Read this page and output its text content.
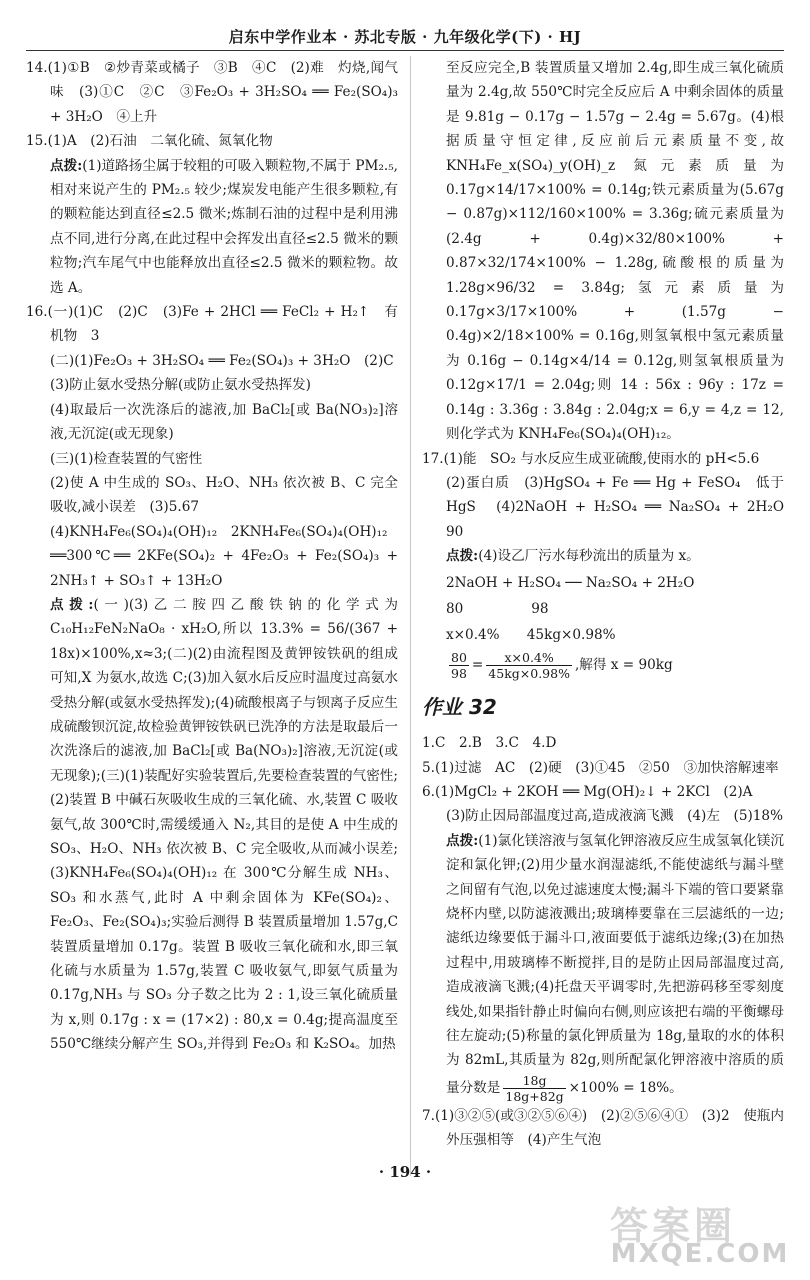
启东中学作业本 · 苏北专版 · 九年级化学(下) · HJ

14.(1)①B　②炒青菜或橘子　③B　④C　(2)难　灼烧,闻气味　(3)①C　②C　③Fe₂O₃ + 3H₂SO₄ ══ Fe₂(SO₄)₃ + 3H₂O　④上升

15.(1)A　(2)石油　二氧化硫、氮氧化物

点拨:(1)道路扬尘属于较粗的可吸入颗粒物,不属于 PM₂.₅,相对来说产生的 PM₂.₅ 较少;煤炭发电能产生很多颗粒,有的颗粒能达到直径≤2.5 微米;炼制石油的过程中是利用沸点不同,进行分离,在此过程中会挥发出直径≤2.5 微米的颗粒物;汽车尾气中也能释放出直径≤2.5 微米的颗粒物。故选 A。

16.(一)(1)C　(2)C　(3)Fe + 2HCl ══ FeCl₂ + H₂↑　有机物　3

(二)(1)Fe₂O₃ + 3H₂SO₄ ══ Fe₂(SO₄)₃ + 3H₂O　(2)C

(3)防止氨水受热分解(或防止氨水受热挥发)

(4)取最后一次洗涤后的滤液,加 BaCl₂[或 Ba(NO₃)₂]溶液,无沉淀(或无现象)

(三)(1)检查装置的气密性

(2)使 A 中生成的 SO₃、H₂O、NH₃ 依次被 B、C 完全吸收,减小误差　(3)5.67

(4)KNH₄Fe₆(SO₄)₄(OH)₁₂　2KNH₄Fe₆(SO₄)₄(OH)₁₂

══300℃══ 2KFe(SO₄)₂ + 4Fe₂O₃ + Fe₂(SO₄)₃ + 2NH₃↑ + SO₃↑ + 13H₂O

点拨:(一)(3)乙二胺四乙酸铁钠的化学式为 C₁₀H₁₂FeN₂NaO₈ · xH₂O,所以 13.3% = 56/(367 + 18x)×100%,x≈3;(二)(2)由流程图及黄钾铵铁矾的组成可知,X 为氨水,故选 C;(3)加入氨水后反应时温度过高氨水受热分解(或氨水受热挥发);(4)硫酸根离子与钡离子反应生成硫酸钡沉淀,故检验黄钾铵铁矾已洗净的方法是取最后一次洗涤后的滤液,加 BaCl₂[或 Ba(NO₃)₂]溶液,无沉淀(或无现象);(三)(1)装配好实验装置后,先要检查装置的气密性;(2)装置 B 中碱石灰吸收生成的三氧化硫、水,装置 C 吸收氨气,故 300℃时,需缓缓通入 N₂,其目的是使 A 中生成的 SO₃、H₂O、NH₃ 依次被 B、C 完全吸收,从而减小误差;(3)KNH₄Fe₆(SO₄)₄(OH)₁₂ 在 300℃分解生成 NH₃、SO₃ 和水蒸气,此时 A 中剩余固体为 KFe(SO₄)₂、Fe₂O₃、Fe₂(SO₄)₃;实验后测得 B 装置质量增加 1.57g,C 装置质量增加 0.17g。装置 B 吸收三氧化硫和水,即三氧化硫与水质量为 1.57g,装置 C 吸收氨气,即氨气质量为 0.17g,NH₃ 与 SO₃ 分子数之比为 2 : 1,设三氧化硫质量为 x,则 0.17g : x = (17×2) : 80,x = 0.4g;提高温度至 550℃继续分解产生 SO₃,并得到 Fe₂O₃ 和 K₂SO₄。加热

至反应完全,B 装置质量又增加 2.4g,即生成三氧化硫质量为 2.4g,故 550℃时完全反应后 A 中剩余固体的质量是 9.81g − 0.17g − 1.57g − 2.4g = 5.67g。(4)根据质量守恒定律,反应前后元素质量不变,故 KNH₄Fe_x(SO₄)_y(OH)_z 氮元素质量为 0.17g×14/17×100% = 0.14g;铁元素质量为(5.67g − 0.87g)×112/160×100% = 3.36g;硫元素质量为(2.4g + 0.4g)×32/80×100% + 0.87×32/174×100% − 1.28g,硫酸根的质量为 1.28g×96/32 = 3.84g;氢元素质量为 0.17g×3/17×100% + (1.57g − 0.4g)×2/18×100% = 0.16g,则氢氧根中氢元素质量为 0.16g − 0.14g×4/14 = 0.12g,则氢氧根质量为 0.12g×17/1 = 2.04g;则 14 : 56x : 96y : 17z = 0.14g : 3.36g : 3.84g : 2.04g;x = 6,y = 4,z = 12,则化学式为 KNH₄Fe₆(SO₄)₄(OH)₁₂。

17.(1)能　SO₂ 与水反应生成亚硫酸,使雨水的 pH<5.6

(2)蛋白质　(3)HgSO₄ + Fe ══ Hg + FeSO₄　低于 HgS　(4)2NaOH + H₂SO₄ ══ Na₂SO₄ + 2H₂O　90

点拨:(4)设乙厂污水每秒流出的质量为 x。

2NaOH + H₂SO₄ ── Na₂SO₄ + 2H₂O

80　　　　　98

x×0.4%　　45kg×0.98%

$\frac{80}{98} = \frac{x\times 0.4\%}{45kg\times 0.98\%}$ ,解得 x = 90kg

作业 32

1.C　2.B　3.C　4.D

5.(1)过滤　AC　(2)硬　(3)①45　②50　③加快溶解速率

6.(1)MgCl₂ + 2KOH ══ Mg(OH)₂↓ + 2KCl　(2)A

(3)防止因局部温度过高,造成液滴飞溅　(4)左　(5)18%

点拨:(1)氯化镁溶液与氢氧化钾溶液反应生成氢氧化镁沉淀和氯化钾;(2)用少量水润湿滤纸,不能使滤纸与漏斗壁之间留有气泡,以免过滤速度太慢;漏斗下端的管口要紧靠烧杯内壁,以防滤液溅出;玻璃棒要靠在三层滤纸的一边;滤纸边缘要低于漏斗口,液面要低于滤纸边缘;(3)在加热过程中,用玻璃棒不断搅拌,目的是防止因局部温度过高,造成液滴飞溅;(4)托盘天平调零时,先把游码移至零刻度线处,如果指针静止时偏向右侧,则应该把右端的平衡螺母往左旋动;(5)称量的氯化钾质量为 18g,量取的水的体积为 82mL,其质量为 82g,则所配氯化钾溶液中溶质的质量分数是 $\frac{18g}{18g+82g} \times 100\% = 18\%$。

7.(1)③②⑤(或③②⑤⑥④)　(2)②⑤⑥④①　(3)2　使瓶内外压强相等　(4)产生气泡

· 194 ·
答案圈
MXQE.COM
